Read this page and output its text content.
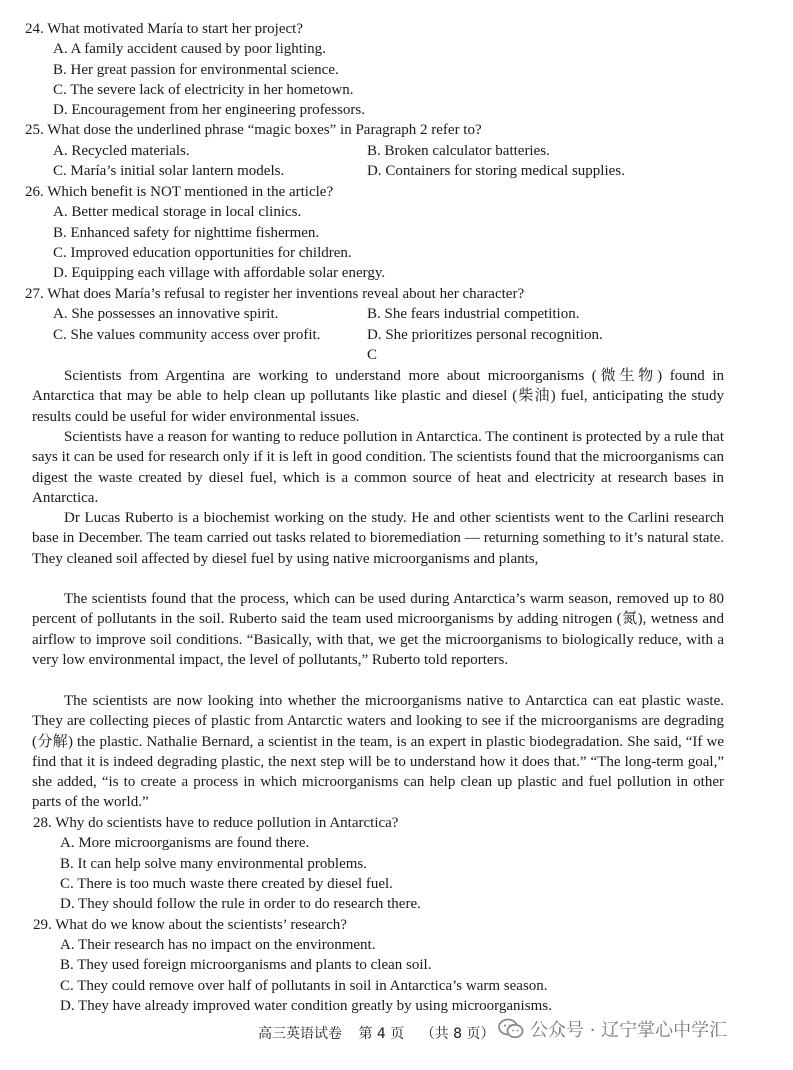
24. What motivated María to start her project?
A. A family accident caused by poor lighting.
B. Her great passion for environmental science.
C. The severe lack of electricity in her hometown.
D. Encouragement from her engineering professors.
25. What dose the underlined phrase “magic boxes” in Paragraph 2 refer to?
A. Recycled materials.	B. Broken calculator batteries.
C. María’s initial solar lantern models.	D. Containers for storing medical supplies.
26. Which benefit is NOT mentioned in the article?
A. Better medical storage in local clinics.
B. Enhanced safety for nighttime fishermen.
C. Improved education opportunities for children.
D. Equipping each village with affordable solar energy.
27. What does María’s refusal to register her inventions reveal about her character?
A. She possesses an innovative spirit.	B. She fears industrial competition.
C. She values community access over profit.	D. She prioritizes personal recognition.
C
Scientists from Argentina are working to understand more about microorganisms (微生物) found in Antarctica that may be able to help clean up pollutants like plastic and diesel (柴油) fuel, anticipating the study results could be useful for wider environmental issues.
Scientists have a reason for wanting to reduce pollution in Antarctica. The continent is protected by a rule that says it can be used for research only if it is left in good condition. The scientists found that the microorganisms can digest the waste created by diesel fuel, which is a common source of heat and electricity at research bases in Antarctica.
Dr Lucas Ruberto is a biochemist working on the study. He and other scientists went to the Carlini research base in December. The team carried out tasks related to bioremediation — returning something to it’s natural state. They cleaned soil affected by diesel fuel by using native microorganisms and plants,
The scientists found that the process, which can be used during Antarctica’s warm season, removed up to 80 percent of pollutants in the soil. Ruberto said the team used microorganisms by adding nitrogen (氮), wetness and airflow to improve soil conditions. “Basically, with that, we get the microorganisms to biologically reduce, with a very low environmental impact, the level of pollutants,” Ruberto told reporters.
The scientists are now looking into whether the microorganisms native to Antarctica can eat plastic waste. They are collecting pieces of plastic from Antarctic waters and looking to see if the microorganisms are degrading (分解) the plastic. Nathalie Bernard, a scientist in the team, is an expert in plastic biodegradation. She said, “If we find that it is indeed degrading plastic, the next step will be to understand how it does that.” “The long-term goal,” she added, “is to create a process in which microorganisms can help clean up plastic and fuel pollution in other parts of the world.”
28. Why do scientists have to reduce pollution in Antarctica?
A. More microorganisms are found there.
B. It can help solve many environmental problems.
C. There is too much waste there created by diesel fuel.
D. They should follow the rule in order to do research there.
29. What do we know about the scientists’ research?
A. Their research has no impact on the environment.
B. They used foreign microorganisms and plants to clean soil.
C. They could remove over half of pollutants in soil in Antarctica’s warm season.
D. They have already improved water condition greatly by using microorganisms.
高三英语试卷 第 4 页 （共 8 页）	公众号 · 辽宁掌心中学汇
